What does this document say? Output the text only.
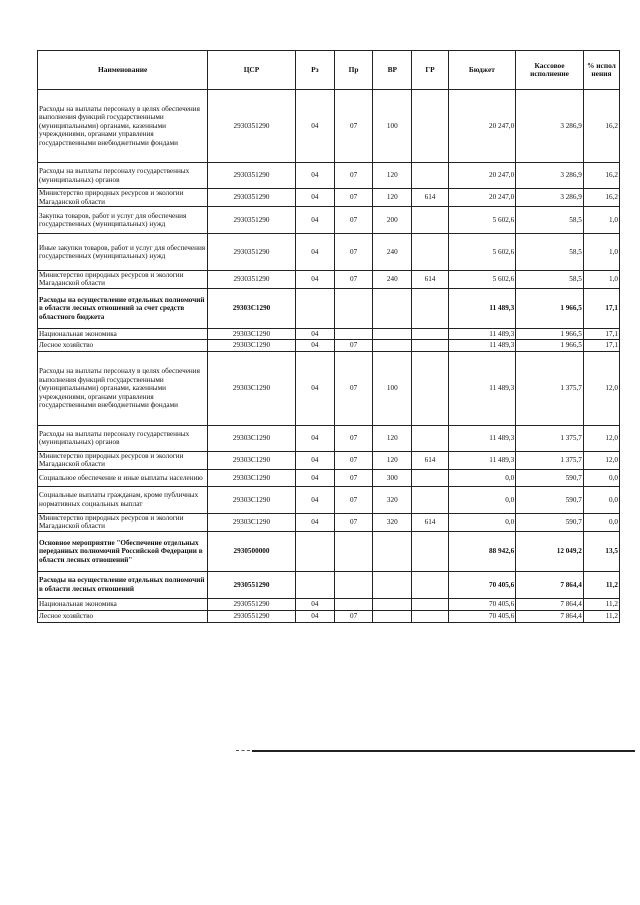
Наименование	ЦСР	Рз	Пр	ВР	ГР	Бюджет	Кассовое исполнение	% испол нения
Расходы на выплаты персоналу в целях обеспечения выполнения функций государственными (муниципальными) органами, казенными учреждениями, органами управления государственными внебюджетными фондами	2930351290	04	07	100		20 247,0	3 286,9	16,2
Расходы на выплаты персоналу государственных (муниципальных) органов	2930351290	04	07	120		20 247,0	3 286,9	16,2
Министерство природных ресурсов и экологии Магаданской области	2930351290	04	07	120	614	20 247,0	3 286,9	16,2
Закупка товаров, работ и услуг для обеспечения государственных (муниципальных) нужд	2930351290	04	07	200		5 602,6	58,5	1,0
Иные закупки товаров, работ и услуг для обеспечения государственных (муниципальных) нужд	2930351290	04	07	240		5 602,6	58,5	1,0
Министерство природных ресурсов и экологии Магаданской области	2930351290	04	07	240	614	5 602,6	58,5	1,0
Расходы на осуществление отдельных полномочий в области лесных отношений за счет средств областного бюджета	29303С1290					11 489,3	1 966,5	17,1
Национальная экономика	29303С1290	04				11 489,3	1 966,5	17,1
Лесное хозяйство	29303С1290	04	07			11 489,3	1 966,5	17,1
Расходы на выплаты персоналу в целях обеспечения выполнения функций государственными (муниципальными) органами, казенными учреждениями, органами управления государственными внебюджетными фондами	29303С1290	04	07	100		11 489,3	1 375,7	12,0
Расходы на выплаты персоналу государственных (муниципальных) органов	29303С1290	04	07	120		11 489,3	1 375,7	12,0
Министерство природных ресурсов и экологии Магаданской области	29303С1290	04	07	120	614	11 489,3	1 375,7	12,0
Социальное обеспечение и иные выплаты населению	29303С1290	04	07	300		0,0	590,7	0,0
Социальные выплаты гражданам, кроме публичных нормативных социальных выплат	29303С1290	04	07	320		0,0	590,7	0,0
Министерство природных ресурсов и экологии Магаданской области	29303С1290	04	07	320	614	0,0	590,7	0,0
Основное мероприятие "Обеспечение отдельных переданных полномочий Российской Федерации в области лесных отношений"	2930500000					88 942,6	12 049,2	13,5
Расходы на осуществление отдельных полномочий в области лесных отношений	2930551290					70 405,6	7 864,4	11,2
Национальная экономика	2930551290	04				70 405,6	7 864,4	11,2
Лесное хозяйство	2930551290	04	07			70 405,6	7 864,4	11,2
